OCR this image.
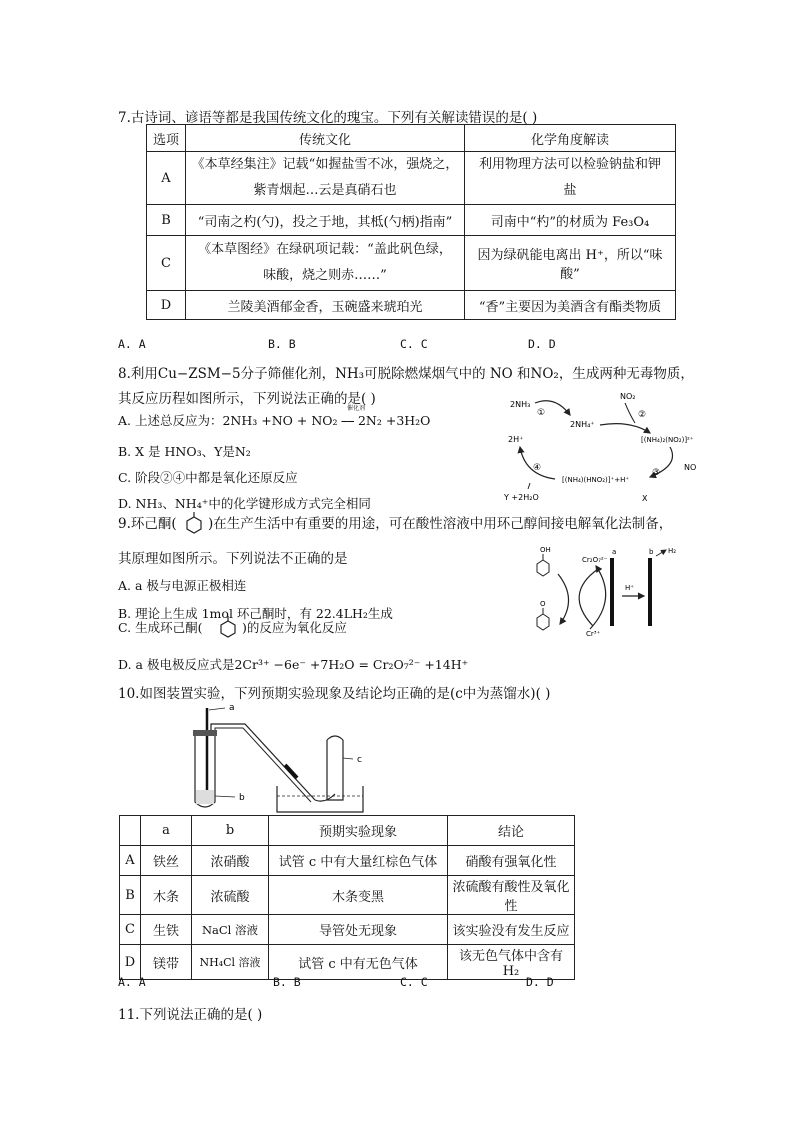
7.古诗词、谚语等都是我国传统文化的瑰宝。下列有关解读错误的是( )
选项	传统文化	化学角度解读
A	《本草经集注》记载“如握盐雪不冰，强烧之，
紫青烟起…云是真硝石也	利用物理方法可以检验钠盐和钾
盐
B	“司南之杓(勺)，投之于地，其柢(勺柄)指南”	司南中“杓”的材质为 Fe₃O₄
C	《本草图经》在绿矾项记载：“盖此矾色绿，
味酸，烧之则赤……”	因为绿矾能电离出 H⁺，所以“味酸”
D	兰陵美酒郁金香，玉碗盛来琥珀光	“香”主要因为美酒含有酯类物质
A. A	B. B	C. C	D. D
8.利用Cu−ZSM−5分子筛催化剂，NH₃可脱除燃煤烟气中的 NO 和NO₂，生成两种无毒物质，
其反应历程如图所示，下列说法正确的是( )
催化剂
A. 上述总反应为：2NH₃ +NO + NO₂ ⎯⎯ 2N₂ +3H₂O
B. X 是 HNO₃、Y是N₂
C. 阶段②④中都是氧化还原反应
D. NH₃、NH₄⁺中的化学键形成方式完全相同
2NH₃
①
2NH₄⁺
NO₂
②
[(NH₄)₂(NO₂)]²⁺
NO
③
[(NH₄)(HNO₂)]⁺+H⁺
X
④
2H⁺
Y +2H₂O
9.环己酮( )在生产生活中有重要的用途，可在酸性溶液中用环己醇间接电解氧化法制备，
其原理如图所示。下列说法不正确的是
A. a 极与电源正极相连
B. 理论上生成 1mol 环己酮时，有 22.4LH₂生成
C. 生成环己酮(	)的反应为氧化反应
D. a 极电极反应式是2Cr³⁺ −6e⁻ +7H₂O = Cr₂O₇²⁻ +14H⁺
OH
O
Cr₂O₇²⁻
Cr³⁺
a
H⁺
b H₂
10.如图装置实验，下列预期实验现象及结论均正确的是(c中为蒸馏水)( )
a
b
c
	a	b	预期实验现象	结论
A	铁丝	浓硝酸	试管 c 中有大量红棕色气体	硝酸有强氧化性
B	木条	浓硫酸	木条变黑	浓硫酸有酸性及氧化性
C	生铁	NaCl 溶液	导管处无现象	该实验没有发生反应
D	镁带	NH₄Cl 溶液	试管 c 中有无色气体	该无色气体中含有 H₂
A. A	B. B	C. C	D. D
11.下列说法正确的是( )
